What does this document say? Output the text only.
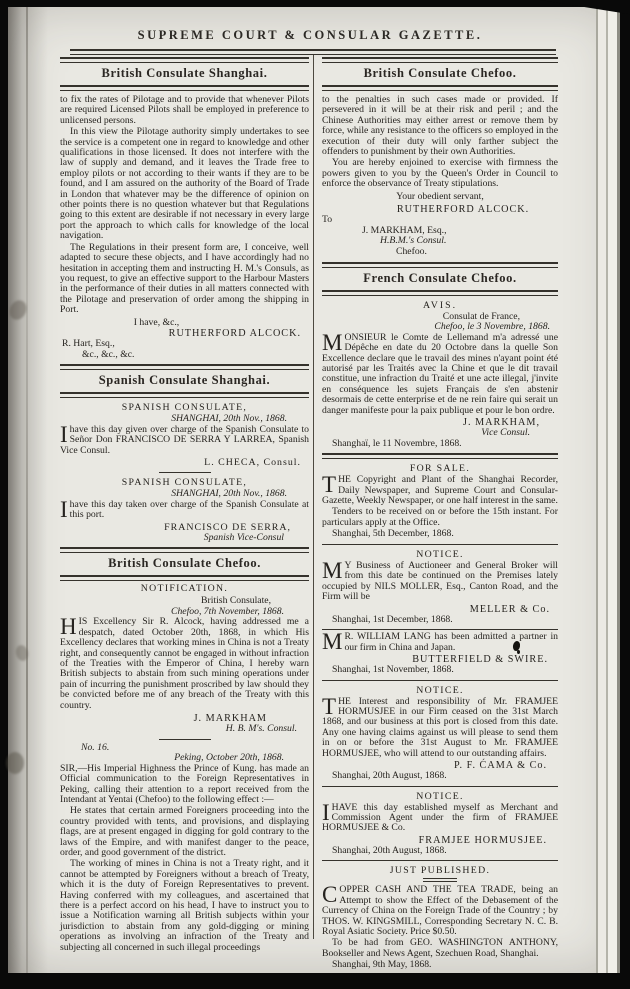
SUPREME COURT & CONSULAR GAZETTE.
British Consulate Shanghai.

to fix the rates of Pilotage and to provide that whenever Pilots are required Licensed Pilots shall be employed in preference to unlicensed persons.

In this view the Pilotage authority simply undertakes to see the service is a competent one in regard to knowledge and other qualifications in those licensed. It does not interfere with the law of supply and demand, and it leaves the Trade free to employ pilots or not according to their wants if they are to be found, and I am assured on the authority of the Board of Trade in London that whatever may be the difference of opinion on other points there is no question whatever but that Regulations going to this extent are desirable if not necessary in every large port the approach to which calls for knowledge of the local navigation.

The Regulations in their present form are, I conceive, well adapted to secure these objects, and I have accordingly had no hesitation in accepting them and instructing H. M.'s Consuls, as you request, to give an effective support to the Harbour Masters in the performance of their duties in all matters connected with the Pilotage and preservation of order among the shipping in Port.

I have, &c.,
RUTHERFORD ALCOCK.
R. Hart, Esq.,
&c., &c., &c.
Spanish Consulate Shanghai.
SPANISH CONSULATE,
SHANGHAI, 20th Nov., 1868.

Ihave this day given over charge of the Spanish Consulate to Señor Don FRANCISCO DE SERRA Y LARREA, Spanish Vice Consul.

L. CHECA, Consul.
SPANISH CONSULATE,
SHANGHAI, 20th Nov., 1868.

Ihave this day taken over charge of the Spanish Consulate at this port.

FRANCISCO DE SERRA,
Spanish Vice-Consul
British Consulate Chefoo.
NOTIFICATION.
British Consulate,
Chefoo, 7th November, 1868.

HIS Excellency Sir R. Alcock, having addressed me a despatch, dated October 20th, 1868, in which His Excellency declares that working mines in China is not a Treaty right, and consequently cannot be engaged in without infraction of the Treaties with the Emperor of China, I hereby warn British subjects to abstain from such mining operations under pain of incurring the punishment proscribed by law should they be convicted before me of any breach of the Treaty with this country.

J. MARKHAM
H. B. M's. Consul.
No. 16.
Peking, October 20th, 1868.

SIR,—His Imperial Highness the Prince of Kung. has made an Official communication to the Foreign Representatives in Peking, calling their attention to a report received from the Intendant at Yentai (Chefoo) to the following effect :—

He states that certain armed Foreigners proceeding into the country provided with tents, and provisions, and displaying flags, are at present engaged in digging for gold contrary to the laws of the Empire, and with manifest danger to the peace, order, and good government of the district.

The working of mines in China is not a Treaty right, and it cannot be attempted by Foreigners without a breach of Treaty, which it is the duty of Foreign Representatives to prevent. Having conferred with my colleagues, and ascertained that there is a perfect accord on his head, I have to instruct you to issue a Notification warning all British subjects within your jurisdiction to abstain from any gold-digging or mining operations as involving an infraction of the Treaty and subjecting all concerned in such illegal proceedings

British Consulate Chefoo.

to the penalties in such cases made or provided. If persevered in it will be at their risk and peril ; and the Chinese Authorities may either arrest or remove them by force, while any resistance to the officers so employed in the execution of their duty will only farther subject the offenders to punishment by their own Authorities.

You are hereby enjoined to exercise with firmness the powers given to you by the Queen's Order in Council to enforce the observance of Treaty stipulations.

Your obedient servant,
RUTHERFORD ALCOCK.
To
J. MARKHAM, Esq.,
H.B.M.'s Consul.
Chefoo.
French Consulate Chefoo.
AVIS.
Consulat de France,
Chefoo, le 3 Novembre, 1868.

MONSIEUR le Comte de Lellemand m'a adressé une Dépêche en date du 20 Octobre dans la quelle Son Excellence declare que le travail des mines n'ayant point été autorisé par les Traités avec la Chine et que le dit travail constitue, une infraction du Traité et une acte illegal, j'invite en conséquence les sujets Français de s'en abstenir desormais de cette enterprise et de ne rein faire qui serait un danger manifeste pour la paix publique et pour le bon ordre.

J. MARKHAM,
Vice Consul.
Shanghaï, le 11 Novembre, 1868.
FOR SALE.

THE Copyright and Plant of the Shanghai Recorder, Daily Newspaper, and Supreme Court and Consular-Gazette, Weekly Newspaper, or one half interest in the same.

Tenders to be received on or before the 15th instant. For particulars apply at the Office.

Shanghai, 5th December, 1868.
NOTICE.

M Y Business of Auctioneer and General Broker will from this date be continued on the Premises lately occupied by NILS MOLLER, Esq., Canton Road, and the Firm will be

MELLER & Co.
Shanghai, 1st December, 1868.

M R. WILLIAM LANG has been admitted a partner in our firm in China and Japan.

BUTTERFIELD & SWIRE.
Shanghai, 1st November, 1868.
NOTICE.

THE Interest and responsibility of Mr. FRAMJEE HORMUSJEE in our Firm ceased on the 31st March 1868, and our business at this port is closed from this date. Any one having claims against us will please to send them in on or before the 31st August to Mr. FRAMJEE HORMUSJEE, who will attend to our outstanding affairs.

P. F. ĆAMA & Co.
Shanghai, 20th August, 1868.
NOTICE.

IHAVE this day established myself as Merchant and Commission Agent under the firm of FRAMJEE HORMUSJEE & Co.

FRAMJEE HORMUSJEE.
Shanghai, 20th August, 1868.
JUST PUBLISHED.

COPPER CASH AND THE TEA TRADE, being an Attempt to show the Effect of the Debasement of the Currency of China on the Foreign Trade of the Country ; by THOS. W. KINGSMILL, Corresponding Secretary N. C. B. Royal Asiatic Society. Price $0.50.

To be had from GEO. WASHINGTON ANTHONY, Bookseller and News Agent, Szechuen Road, Shanghai.

Shanghai, 9th May, 1868.
